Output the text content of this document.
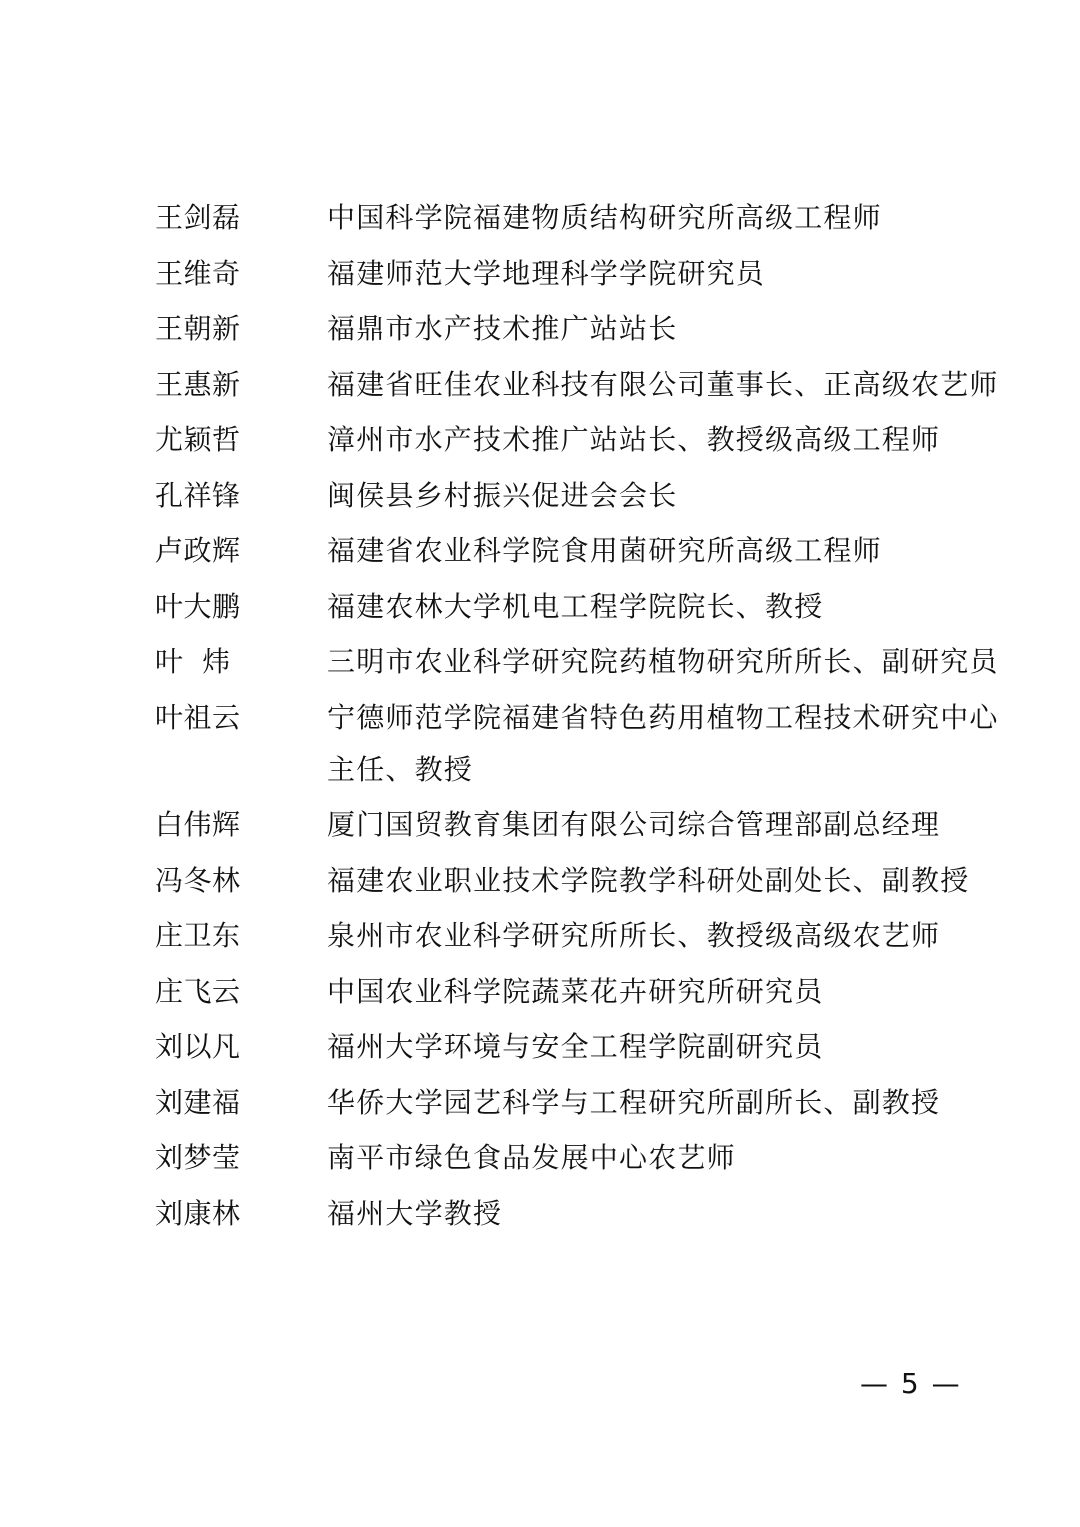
王剑磊	中国科学院福建物质结构研究所高级工程师
王维奇	福建师范大学地理科学学院研究员
王朝新	福鼎市水产技术推广站站长
王惠新	福建省旺佳农业科技有限公司董事长、正高级农艺师
尤颖哲	漳州市水产技术推广站站长、教授级高级工程师
孔祥锋	闽侯县乡村振兴促进会会长
卢政辉	福建省农业科学院食用菌研究所高级工程师
叶大鹏	福建农林大学机电工程学院院长、教授
叶  炜	三明市农业科学研究院药植物研究所所长、副研究员
叶祖云	宁德师范学院福建省特色药用植物工程技术研究中心主任、教授
白伟辉	厦门国贸教育集团有限公司综合管理部副总经理
冯冬林	福建农业职业技术学院教学科研处副处长、副教授
庄卫东	泉州市农业科学研究所所长、教授级高级农艺师
庄飞云	中国农业科学院蔬菜花卉研究所研究员
刘以凡	福州大学环境与安全工程学院副研究员
刘建福	华侨大学园艺科学与工程研究所副所长、副教授
刘梦莹	南平市绿色食品发展中心农艺师
刘康林	福州大学教授
— 5 —
